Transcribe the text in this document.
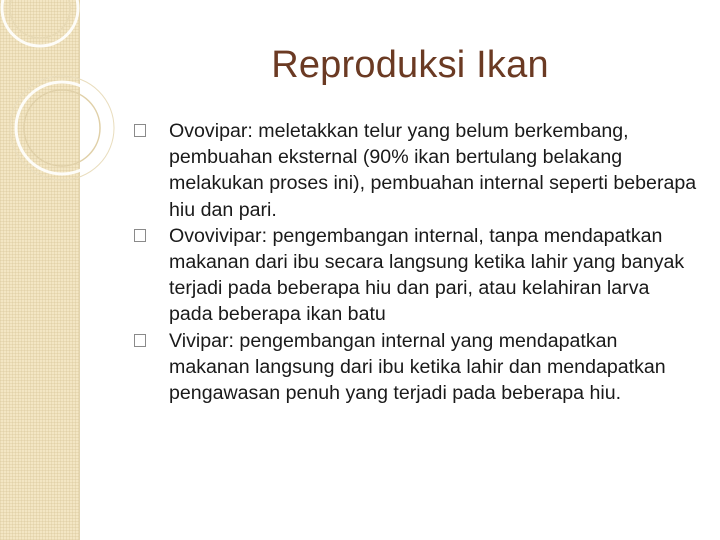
Reproduksi Ikan
Ovovipar: meletakkan telur yang belum berkembang, pembuahan eksternal (90% ikan bertulang belakang melakukan proses ini), pembuahan internal seperti beberapa hiu dan pari.
Ovovivipar: pengembangan internal, tanpa mendapatkan makanan dari ibu secara langsung ketika lahir yang banyak terjadi pada beberapa hiu dan pari, atau kelahiran larva pada beberapa ikan batu
Vivipar: pengembangan internal yang mendapatkan makanan langsung dari ibu ketika lahir dan mendapatkan pengawasan penuh yang terjadi pada beberapa hiu.
